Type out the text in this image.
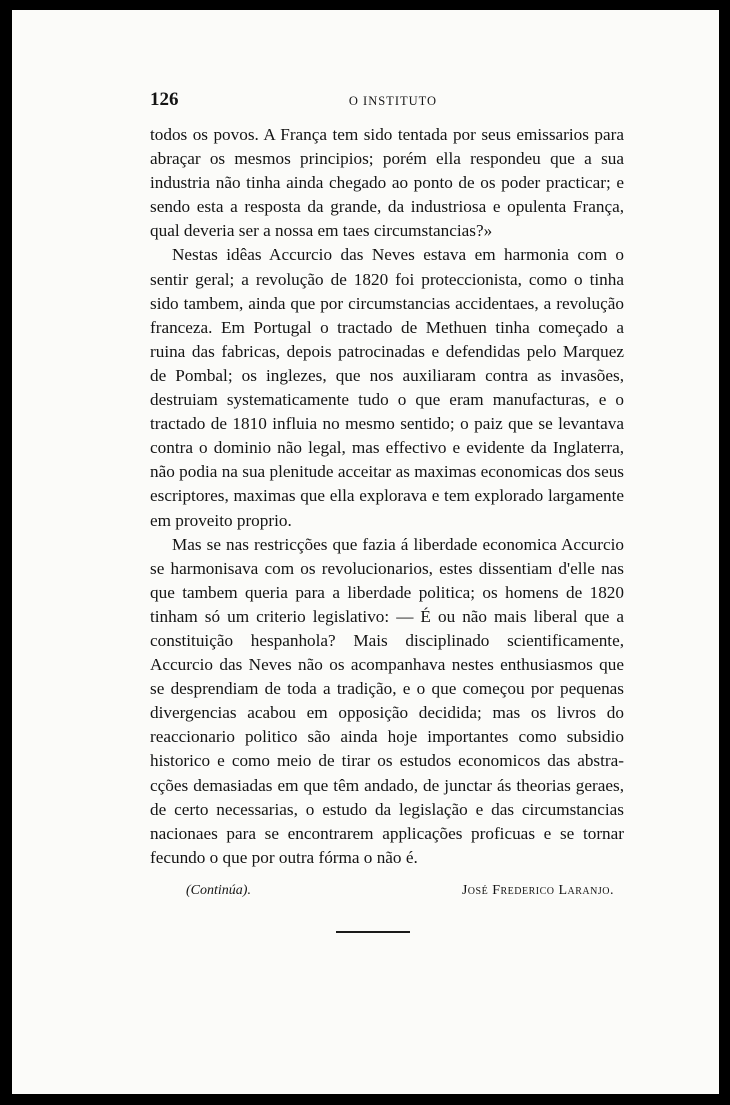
126	O INSTITUTO

todos os povos. A França tem sido tentada por seus emissarios para abraçar os mesmos principios; porém ella respondeu que a sua industria não tinha ainda chegado ao ponto de os poder practicar; e sendo esta a resposta da grande, da industriosa e opulenta França, qual deveria ser a nossa em taes circumstancias?»

Nestas idêas Accurcio das Neves estava em harmonia com o sentir geral; a revolução de 1820 foi proteccionista, como o tinha sido tambem, ainda que por circumstancias accidentaes, a revolução franceza. Em Portugal o tractado de Methuen tinha começado a ruina das fabricas, depois patrocinadas e defendidas pelo Marquez de Pombal; os inglezes, que nos auxiliaram contra as invasões, destruiam systematicamente tudo o que eram manufacturas, e o tractado de 1810 influia no mesmo sentido; o paiz que se levantava contra o dominio não legal, mas effectivo e evidente da Inglaterra, não podia na sua plenitude acceitar as maximas economicas dos seus escriptores, maximas que ella explorava e tem explorado largamente em proveito proprio.

Mas se nas restricções que fazia á liberdade economica Accurcio se harmonisava com os revolucionarios, estes dissentiam d'elle nas que tambem queria para a liberdade politica; os homens de 1820 tinham só um criterio legislativo: — É ou não mais liberal que a constituição hespanhola? Mais disciplinado scientificamente, Accurcio das Neves não os acompanhava nestes enthusiasmos que se desprendiam de toda a tradição, e o que começou por pequenas divergencias acabou em opposição decidida; mas os livros do reaccionario politico são ainda hoje importantes como subsidio historico e como meio de tirar os estudos economicos das abstracções demasiadas em que têm andado, de junctar ás theorias geraes, de certo necessarias, o estudo da legislação e das circumstancias nacionaes para se encontrarem applicações proficuas e se tornar fecundo o que por outra fórma o não é.

(Continúa).	José Frederico Laranjo.
